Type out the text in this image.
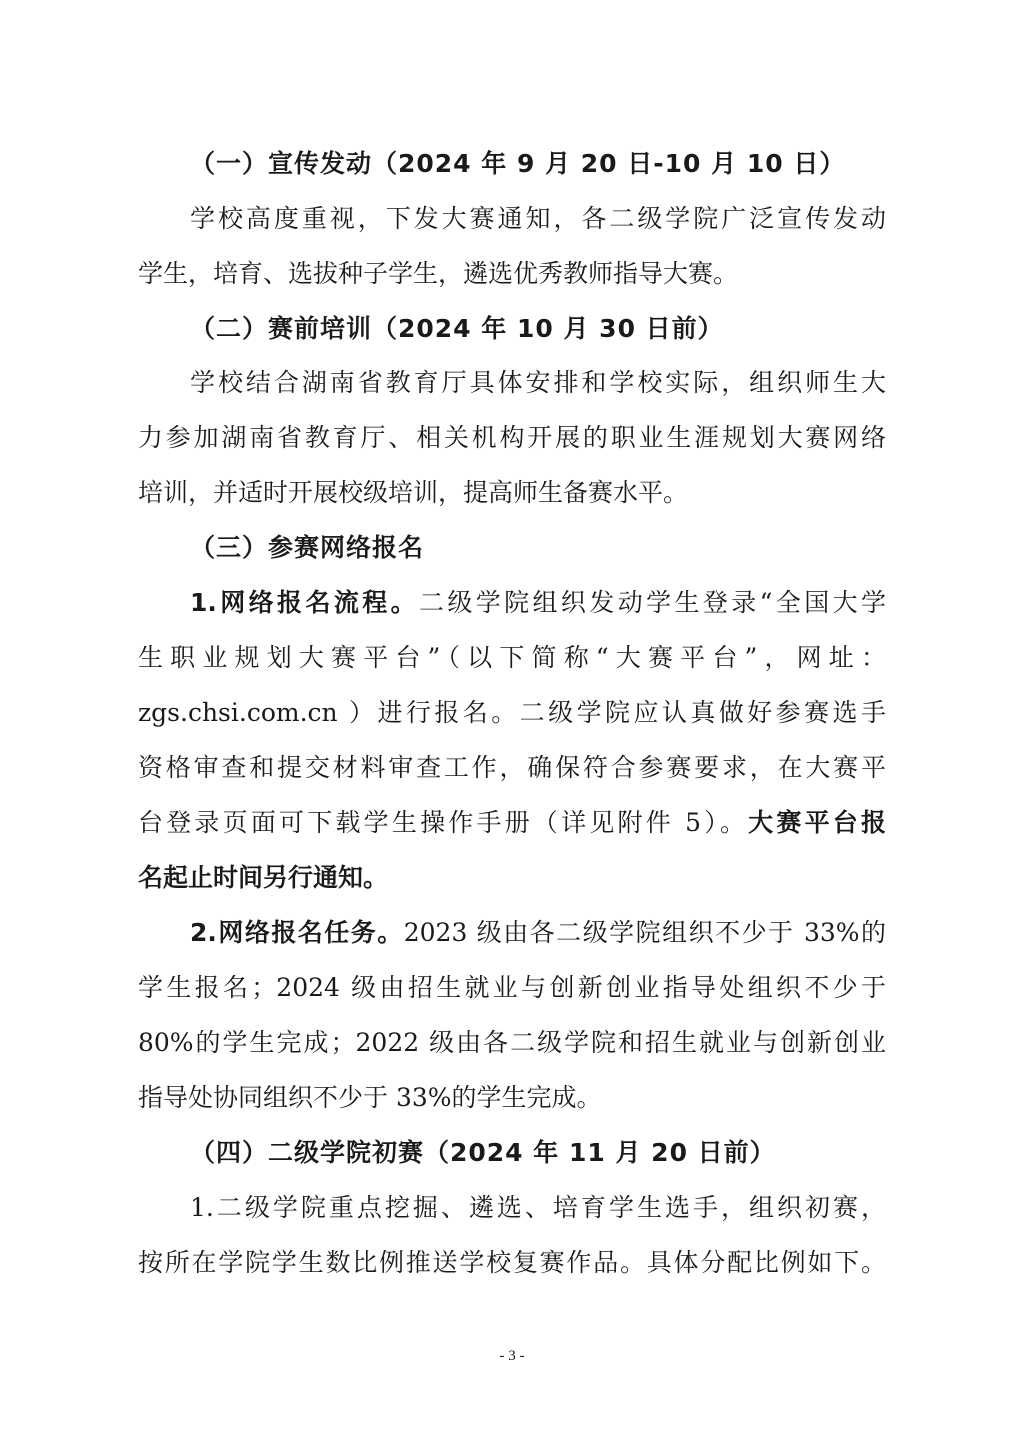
（一）宣传发动（2024 年 9 月 20 日-10 月 10 日）

学校高度重视，下发大赛通知，各二级学院广泛宣传发动

学生，培育、选拔种子学生，遴选优秀教师指导大赛。

（二）赛前培训（2024 年 10 月 30 日前）

学校结合湖南省教育厅具体安排和学校实际，组织师生大

力参加湖南省教育厅、相关机构开展的职业生涯规划大赛网络

培训，并适时开展校级培训，提高师生备赛水平。

（三）参赛网络报名

1.网络报名流程。二级学院组织发动学生登录“全国大学

生职业规划大赛平台”（以下简称“大赛平台”，网址：

zgs.chsi.com.cn ）进行报名。二级学院应认真做好参赛选手

资格审查和提交材料审查工作，确保符合参赛要求，在大赛平

台登录页面可下载学生操作手册（详见附件 5）。大赛平台报

名起止时间另行通知。

2.网络报名任务。2023 级由各二级学院组织不少于 33%的

学生报名；2024 级由招生就业与创新创业指导处组织不少于

80%的学生完成；2022 级由各二级学院和招生就业与创新创业

指导处协同组织不少于 33%的学生完成。

（四）二级学院初赛（2024 年 11 月 20 日前）

1.二级学院重点挖掘、遴选、培育学生选手，组织初赛，

按所在学院学生数比例推送学校复赛作品。具体分配比例如下。

- 3 -
